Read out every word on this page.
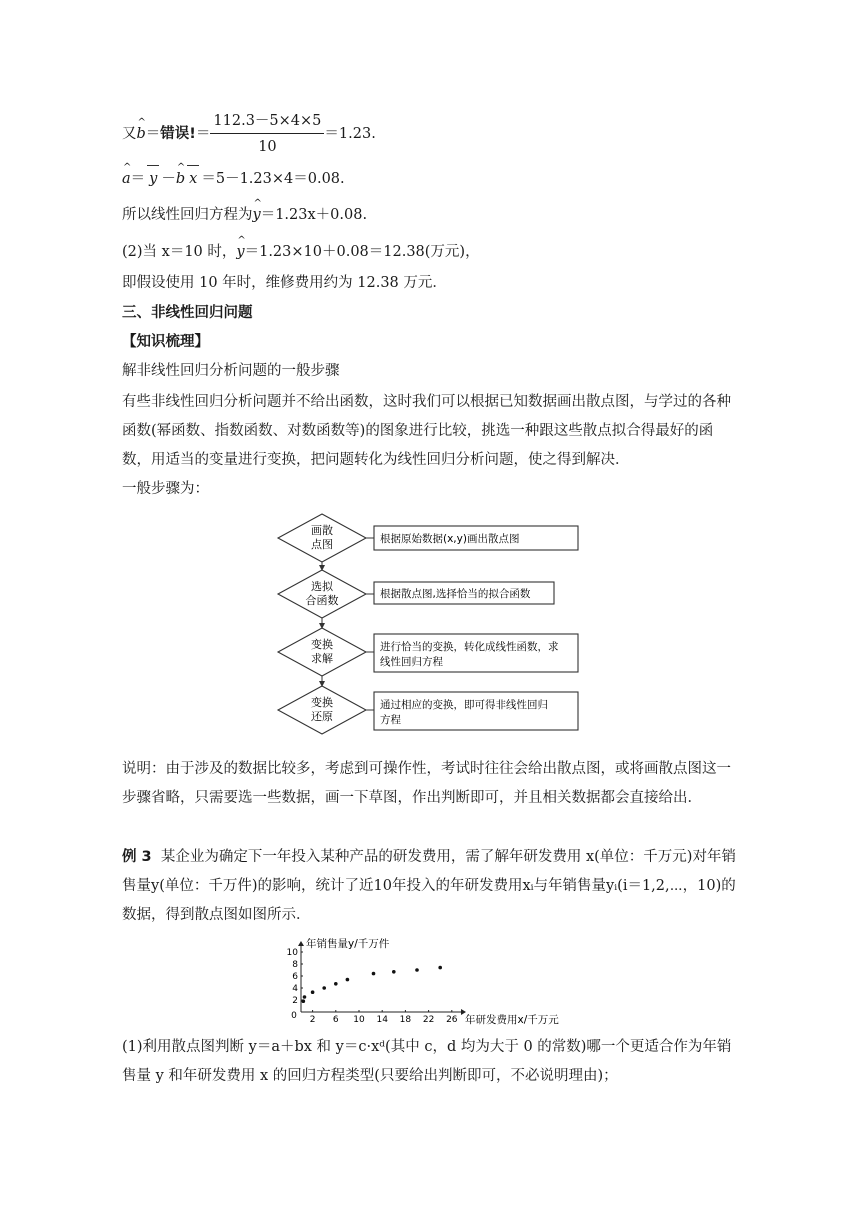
又^ b＝错误!＝ $\frac{112.3-5\times 4\times 5}{10} =1.23$.
^ a＝ y －^ b x ＝5－1.23×4＝0.08.
所以线性回归方程为^ y＝1.23x＋0.08.
(2)当 x＝10 时，^ y＝1.23×10＋0.08＝12.38(万元)，
即假设使用 10 年时，维修费用约为 12.38 万元．
三、非线性回归问题
【知识梳理】
解非线性回归分析问题的一般步骤
有些非线性回归分析问题并不给出函数，这时我们可以根据已知数据画出散点图，与学过的各种函数(幂函数、指数函数、对数函数等)的图象进行比较，挑选一种跟这些散点拟合得最好的函数，用适当的变量进行变换，把问题转化为线性回归分析问题，使之得到解决．
一般步骤为：
画散
点图	根据原始数据(x,y)画出散点图
选拟
合函数	根据散点图,选择恰当的拟合函数
变换
求解
进行恰当的变换，转化成线性函数，求
线性回归方程
变换
还原
通过相应的变换，即可得非线性回归
方程
说明：由于涉及的数据比较多，考虑到可操作性，考试时往往会给出散点图，或将画散点图这一步骤省略，只需要选一些数据，画一下草图，作出判断即可，并且相关数据都会直接给出．
例 3 某企业为确定下一年投入某种产品的研发费用，需了解年研发费用 x(单位：千万元)对年销售量y(单位：千万件)的影响，统计了近10年投入的年研发费用xᵢ与年销售量yᵢ(i＝1,2,⋯，10)的数据，得到散点图如图所示．
2 6 10 14 18 22 26
2
4
6
8
10
年销售量y/千万件
年研发费用x/千万元
0
(1)利用散点图判断 y＝a＋bx 和 y＝c·xᵈ(其中 c，d 均为大于 0 的常数)哪一个更适合作为年销售量 y 和年研发费用 x 的回归方程类型(只要给出判断即可，不必说明理由)；
